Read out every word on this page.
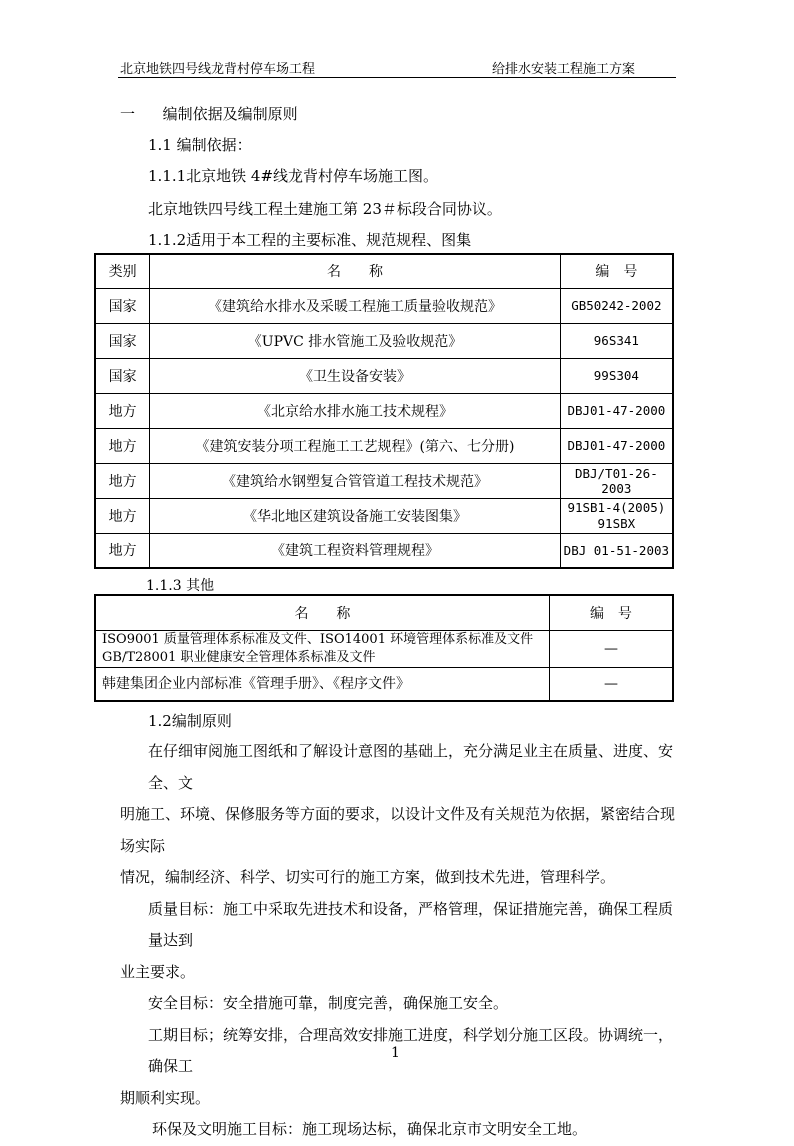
北京地铁四号线龙背村停车场工程	给排水安装工程施工方案
一 编制依据及编制原则
1.1 编制依据：
1.1.1北京地铁 4#线龙背村停车场施工图。
北京地铁四号线工程土建施工第 23＃标段合同协议。
1.1.2适用于本工程的主要标准、规范规程、图集
类别	名　　称	编　号
国家	《建筑给水排水及采暖工程施工质量验收规范》	GB50242-2002
国家	《UPVC 排水管施工及验收规范》	96S341
国家	《卫生设备安装》	99S304
地方	《北京给水排水施工技术规程》	DBJ01-47-2000
地方	《建筑安装分项工程施工工艺规程》(第六、七分册)	DBJ01-47-2000
地方	《建筑给水钢塑复合管管道工程技术规范》	DBJ/T01-26-2003
地方	《华北地区建筑设备施工安装图集》	91SB1-4(2005)
91SBX

地方	《建筑工程资料管理规程》	DBJ 01-51-2003
1.1.3 其他
名　　称	编　号

ISO9001 质量管理体系标准及文件、ISO14001 环境管理体系标准及文件
GB/T28001 职业健康安全管理体系标准及文件	—
韩建集团企业内部标准《管理手册》、《程序文件》	—
1.2编制原则
在仔细审阅施工图纸和了解设计意图的基础上，充分满足业主在质量、进度、安全、文
明施工、环境、保修服务等方面的要求，以设计文件及有关规范为依据，紧密结合现场实际
情况，编制经济、科学、切实可行的施工方案，做到技术先进，管理科学。
质量目标：施工中采取先进技术和设备，严格管理，保证措施完善，确保工程质量达到
业主要求。
安全目标：安全措施可靠，制度完善，确保施工安全。
工期目标；统筹安排，合理高效安排施工进度，科学划分施工区段。协调统一，确保工
期顺利实现。
环保及文明施工目标：施工现场达标，确保北京市文明安全工地。
1
